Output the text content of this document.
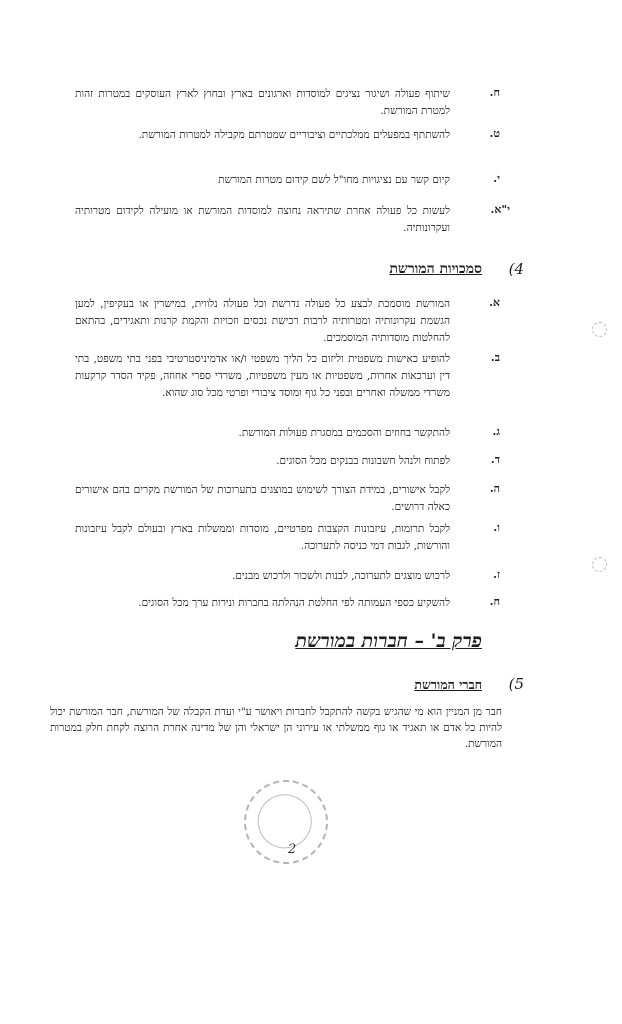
ח.

שיתוף פעולה ושיגור נציגים למוסדות וארגונים בארץ ובחוץ לארץ העוסקים במטרות זהות למטרת המורשת.

ט.

להשתתף במפעלים ממלכתיים וציבוריים שמטרתם מקבילה למטרות המורשת.

י.

קיום קשר עם נציגויות מחו"ל לשם קידום מטרות המורשת

י"א.

לעשות כל פעולה אחרת שתיראה נחוצה למוסדות המורשת או מועילה לקידום מטרותיה ועקרונותיה.

4)
סמכויות המורשת
א.

המורשת מוסמכת לבצע כל פעולה נדרשת וכל פעולה נלווית, במישרין או בעקיפין, למען הגשמת עקרונותיה ומטרותיה לרבות רכישת נכסים וזכויות והקמת קרנות ותאגידים, בהתאם להחלטות מוסדותיה המוסמכים.

ב.

להופיע כאישות משפטית וליזום כל הליך משפטי ו/או אדמיניסטרטיבי בפני בתי משפט, בתי דין וערכאות אחרות, משפטיות או מעין משפטיות, משרדי ספרי אחוזה, פקיד הסדר קרקעות משרדי ממשלה ואחרים ובפני כל גוף ומוסד ציבורי ופרטי מכל סוג שהוא.

ג.

להתקשר בחוזים והסכמים במסגרת פעולות המורשת.

ד.

לפתוח ולנהל חשבונות בבנקים מכל הסוגים.

ה.

לקבל אישורים, במידת הצורך לשימוש במוצגים בתערוכות של המורשת מקרים בהם אישורים כאלה דרושים.

ו.

לקבל תרומות, עיזבונות הקצבות מפרטיים, מוסדות וממשלות בארץ ובעולם לקבל עיזבונות והורשות, לגבות דמי כניסה לתערוכה.

ז.

לרכוש מוצגים לתערוכה, לבנות ולשכור ולרכוש מבנים.

ח.

להשקיע כספי העמותה לפי החלטת הנהלתה בחברות ונירות ערך מכל הסוגים.

פרק ב' – חברות במורשת
5)
חברי המורשת

חבר מן המניין הוא מי שהגיש בקשה להתקבל לחברות ויאושר ע"י ועדת הקבלה של המורשת, חבר המורשת יכול להיות כל אדם או תאגיד או גוף ממשלתי או עירוני הן ישראלי והן של מדינה אחרת הרוצה לקחת חלק במטרות המורשת.

2
